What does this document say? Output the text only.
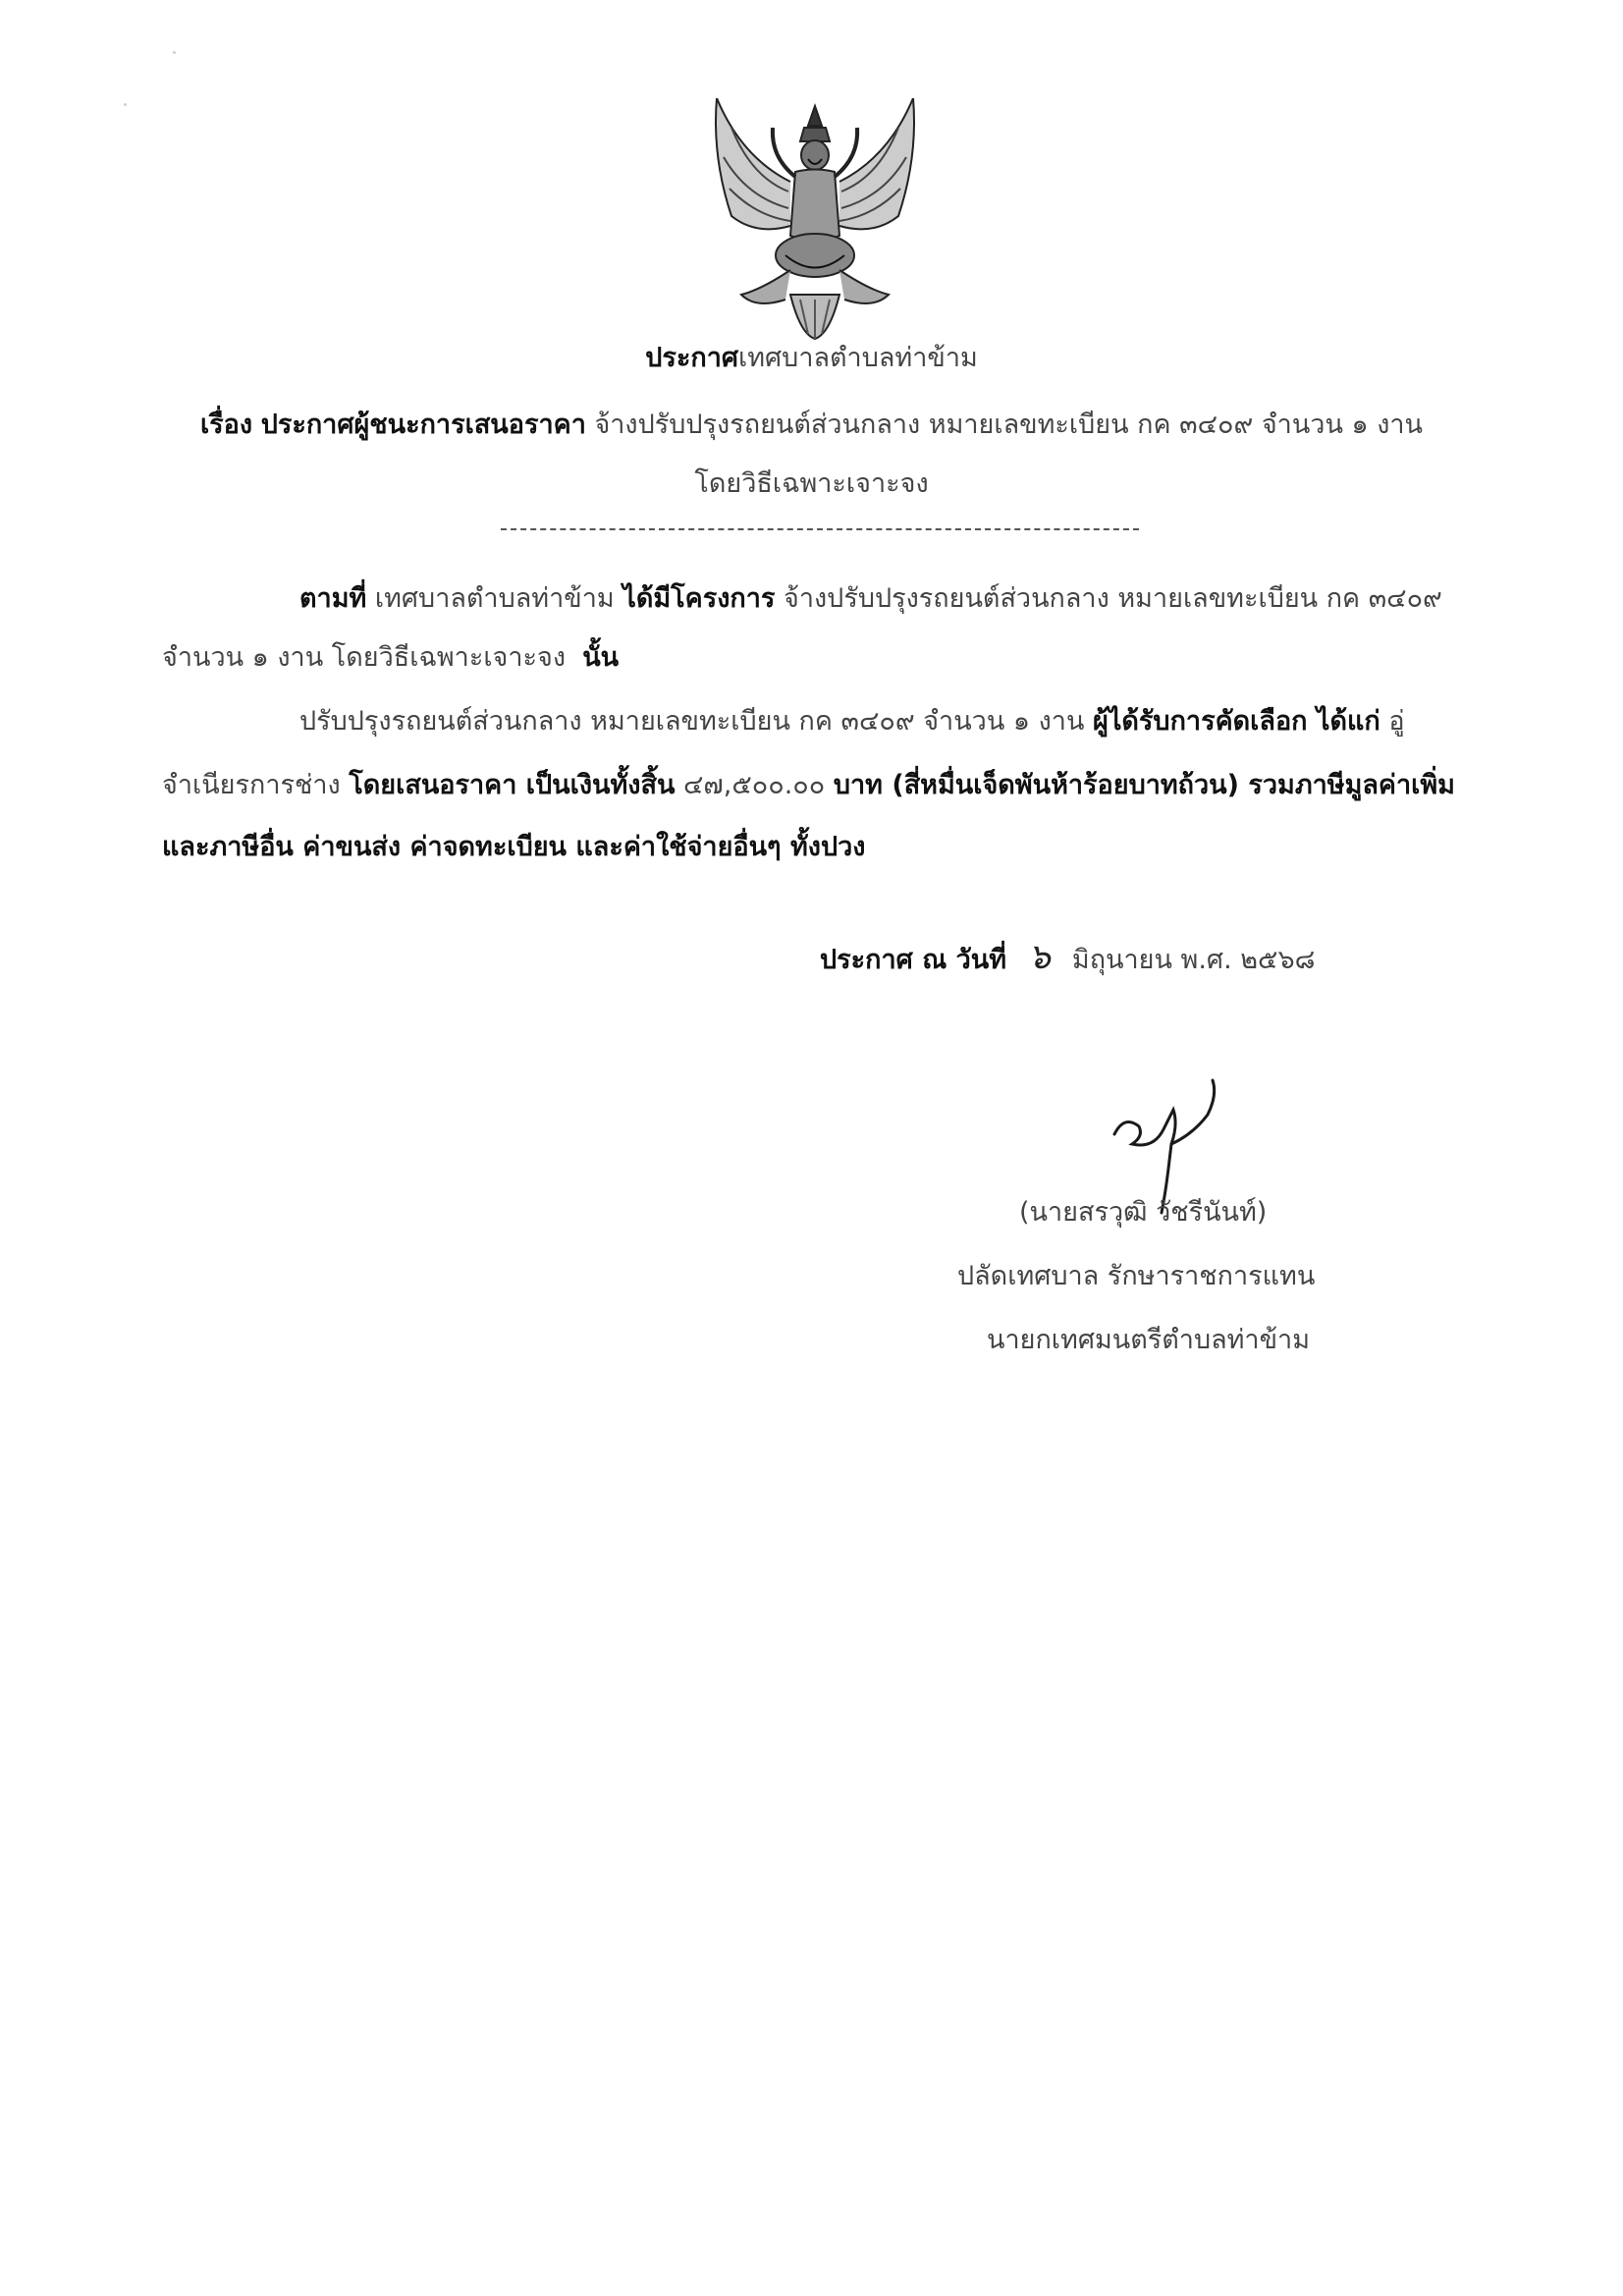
ประกาศเทศบาลตำบลท่าข้าม
เรื่อง ประกาศผู้ชนะการเสนอราคา จ้างปรับปรุงรถยนต์ส่วนกลาง หมายเลขทะเบียน กค ๓๔๐๙ จำนวน ๑ งาน
โดยวิธีเฉพาะเจาะจง
ตามที่ เทศบาลตำบลท่าข้าม ได้มีโครงการ จ้างปรับปรุงรถยนต์ส่วนกลาง หมายเลขทะเบียน กค ๓๔๐๙
จำนวน ๑ งาน โดยวิธีเฉพาะเจาะจง นั้น
ปรับปรุงรถยนต์ส่วนกลาง หมายเลขทะเบียน กค ๓๔๐๙ จำนวน ๑ งาน ผู้ได้รับการคัดเลือก ได้แก่ อู่
จำเนียรการช่าง โดยเสนอราคา เป็นเงินทั้งสิ้น ๔๗,๕๐๐.๐๐ บาท (สี่หมื่นเจ็ดพันห้าร้อยบาทถ้วน) รวมภาษีมูลค่าเพิ่ม
และภาษีอื่น ค่าขนส่ง ค่าจดทะเบียน และค่าใช้จ่ายอื่นๆ ทั้งปวง
ประกาศ ณ วันที่ ๖ มิถุนายน พ.ศ. ๒๕๖๘
(นายสรวุฒิ วัชรีนันท์)
ปลัดเทศบาล รักษาราชการแทน
นายกเทศมนตรีตำบลท่าข้าม
